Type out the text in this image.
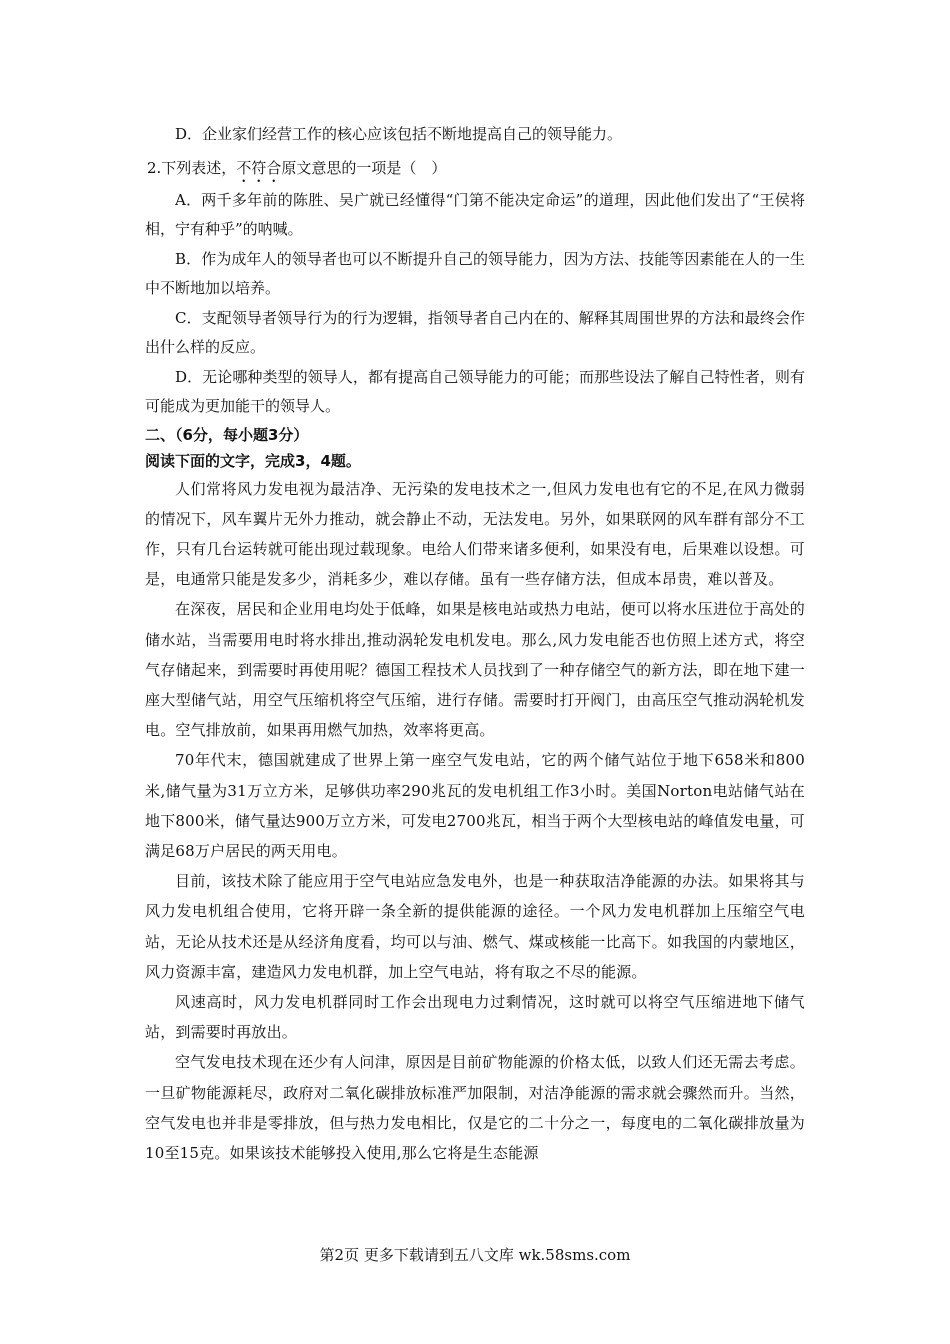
D．企业家们经营工作的核心应该包括不断地提高自己的领导能力。

2.下列表述，不符合原文意思的一项是（　）

A．两千多年前的陈胜、吴广就已经懂得“门第不能决定命运”的道理，因此他们发出了“王侯将相，宁有种乎”的呐喊。

B．作为成年人的领导者也可以不断提升自己的领导能力，因为方法、技能等因素能在人的一生中不断地加以培养。

C．支配领导者领导行为的行为逻辑，指领导者自己内在的、解释其周围世界的方法和最终会作出什么样的反应。

D．无论哪种类型的领导人，都有提高自己领导能力的可能；而那些设法了解自己特性者，则有可能成为更加能干的领导人。

二、（6分，每小题3分）

阅读下面的文字，完成3，4题。

人们常将风力发电视为最洁净、无污染的发电技术之一,但风力发电也有它的不足,在风力微弱的情况下，风车翼片无外力推动，就会静止不动，无法发电。另外，如果联网的风车群有部分不工作，只有几台运转就可能出现过载现象。电给人们带来诸多便利，如果没有电，后果难以设想。可是，电通常只能是发多少，消耗多少，难以存储。虽有一些存储方法，但成本昂贵，难以普及。

在深夜，居民和企业用电均处于低峰，如果是核电站或热力电站，便可以将水压进位于高处的储水站，当需要用电时将水排出,推动涡轮发电机发电。那么,风力发电能否也仿照上述方式，将空气存储起来，到需要时再使用呢？德国工程技术人员找到了一种存储空气的新方法，即在地下建一座大型储气站，用空气压缩机将空气压缩，进行存储。需要时打开阀门，由高压空气推动涡轮机发电。空气排放前，如果再用燃气加热，效率将更高。

70年代末，德国就建成了世界上第一座空气发电站，它的两个储气站位于地下658米和800米,储气量为31万立方米，足够供功率290兆瓦的发电机组工作3小时。美国Norton电站储气站在地下800米，储气量达900万立方米，可发电2700兆瓦，相当于两个大型核电站的峰值发电量，可满足68万户居民的两天用电。

目前，该技术除了能应用于空气电站应急发电外，也是一种获取洁净能源的办法。如果将其与风力发电机组合使用，它将开辟一条全新的提供能源的途径。一个风力发电机群加上压缩空气电站，无论从技术还是从经济角度看，均可以与油、燃气、煤或核能一比高下。如我国的内蒙地区，风力资源丰富，建造风力发电机群，加上空气电站，将有取之不尽的能源。

风速高时，风力发电机群同时工作会出现电力过剩情况，这时就可以将空气压缩进地下储气站，到需要时再放出。

空气发电技术现在还少有人问津，原因是目前矿物能源的价格太低，以致人们还无需去考虑。一旦矿物能源耗尽，政府对二氧化碳排放标准严加限制，对洁净能源的需求就会骤然而升。当然，空气发电也并非是零排放，但与热力发电相比，仅是它的二十分之一，每度电的二氧化碳排放量为10至15克。如果该技术能够投入使用,那么它将是生态能源

第2页 更多下载请到五八文库 wk.58sms.com
